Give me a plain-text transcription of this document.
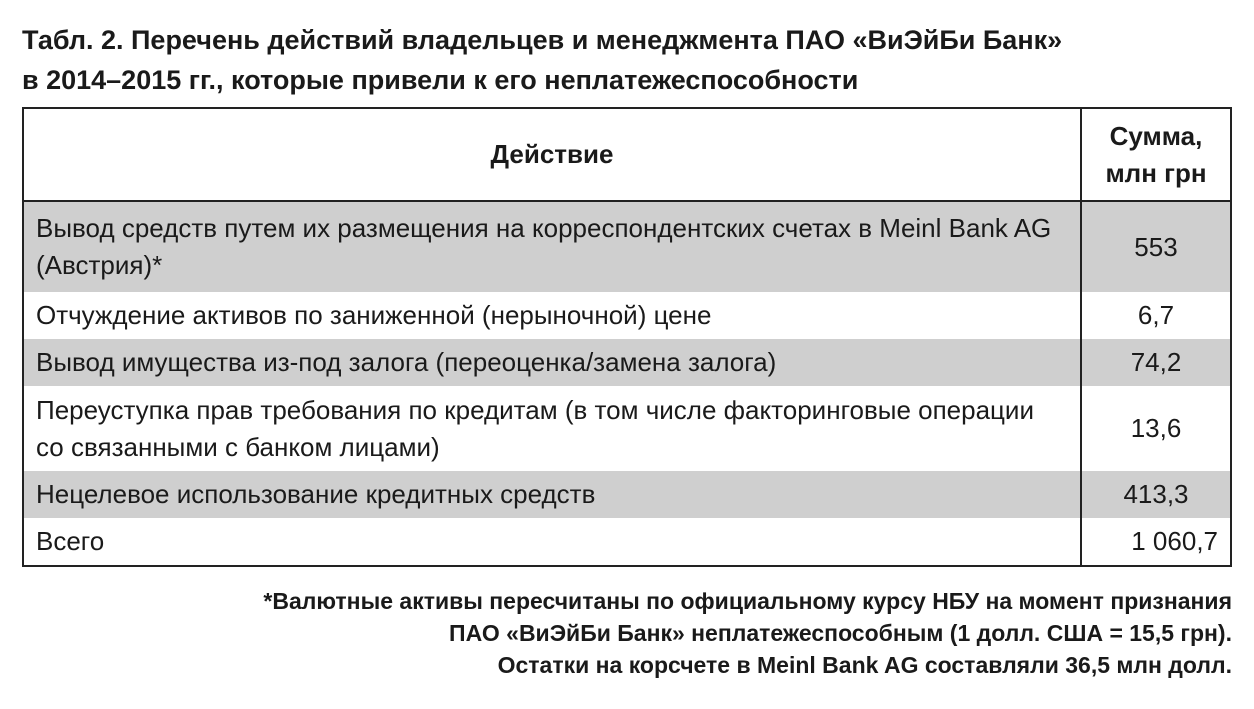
Табл. 2. Перечень действий владельцев и менеджмента ПАО «ВиЭйБи Банк»
в 2014–2015 гг., которые привели к его неплатежеспособности
Действие	Сумма,
млн грн
Вывод средств путем их размещения на корреспондентских счетах в Meinl Bank AG (Австрия)*	553
Отчуждение активов по заниженной (нерыночной) цене	6,7
Вывод имущества из-под залога (переоценка/замена залога)	74,2
Переуступка прав требования по кредитам (в том числе факторинговые операции со связанными с банком лицами)	13,6
Нецелевое использование кредитных средств	413,3
Всего	1 060,7
*Валютные активы пересчитаны по официальному курсу НБУ на момент признания
ПАО «ВиЭйБи Банк» неплатежеспособным (1 долл. США = 15,5 грн).
Остатки на корсчете в Meinl Bank AG составляли 36,5 млн долл.
